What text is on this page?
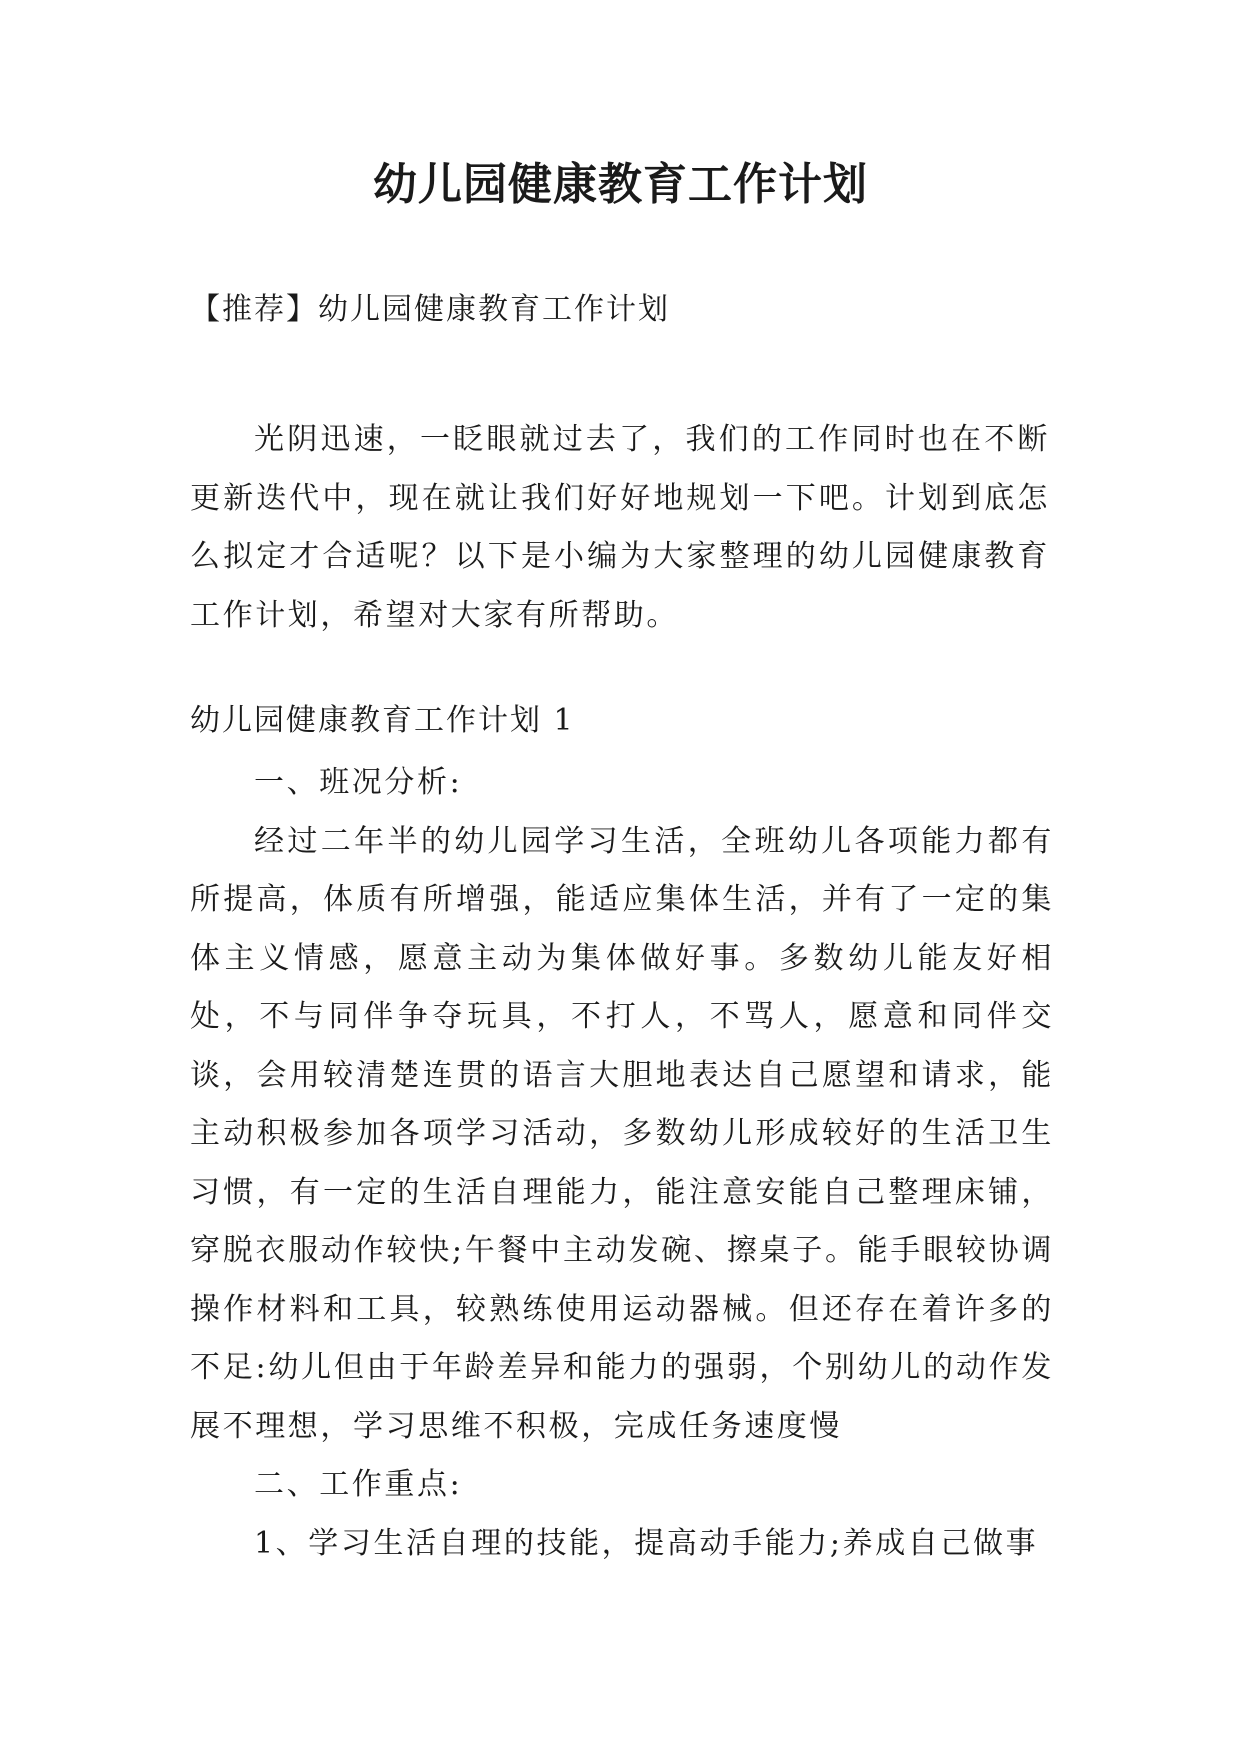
幼儿园健康教育工作计划

【推荐】幼儿园健康教育工作计划

光阴迅速，一眨眼就过去了，我们的工作同时也在不断更新迭代中，现在就让我们好好地规划一下吧。计划到底怎么拟定才合适呢？以下是小编为大家整理的幼儿园健康教育工作计划，希望对大家有所帮助。

幼儿园健康教育工作计划 1

一、班况分析:

经过二年半的幼儿园学习生活，全班幼儿各项能力都有所提高，体质有所增强，能适应集体生活，并有了一定的集体主义情感，愿意主动为集体做好事。多数幼儿能友好相处，不与同伴争夺玩具，不打人，不骂人，愿意和同伴交谈，会用较清楚连贯的语言大胆地表达自己愿望和请求，能主动积极参加各项学习活动，多数幼儿形成较好的生活卫生习惯，有一定的生活自理能力，能注意安能自己整理床铺，穿脱衣服动作较快;午餐中主动发碗、擦桌子。能手眼较协调操作材料和工具，较熟练使用运动器械。但还存在着许多的不足:幼儿但由于年龄差异和能力的强弱，个别幼儿的动作发展不理想，学习思维不积极，完成任务速度慢

二、工作重点:

1、学习生活自理的技能，提高动手能力;养成自己做事
